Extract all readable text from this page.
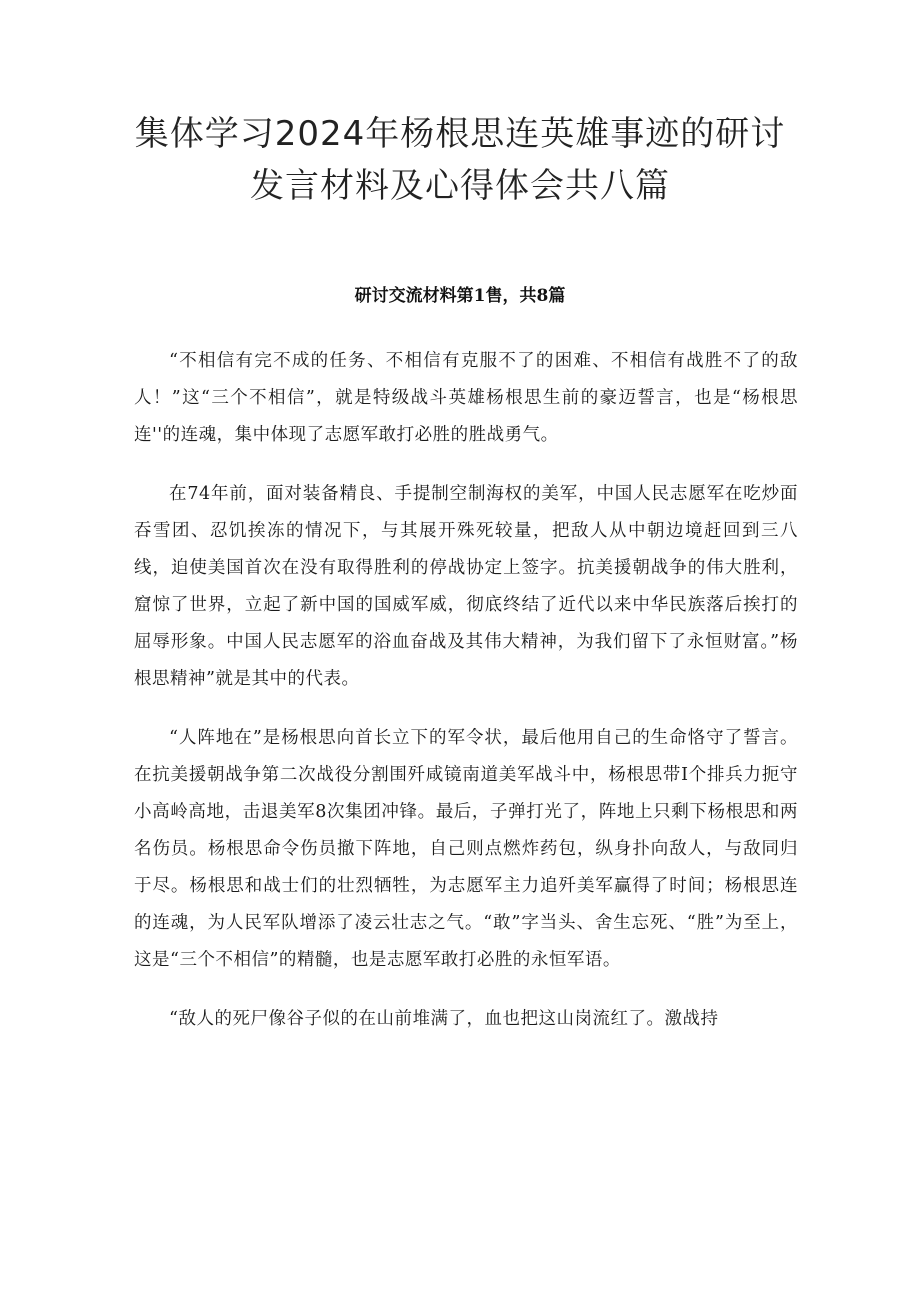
集体学习2024年杨根思连英雄事迹的研讨
发言材料及心得体会共八篇
研讨交流材料第1售，共8篇

“不相信有完不成的任务、不相信有克服不了的困难、不相信有战胜不了的敌人！”这“三个不相信”，就是特级战斗英雄杨根思生前的豪迈誓言，也是“杨根思连''的连魂，集中体现了志愿军敢打必胜的胜战勇气。

在74年前，面对装备精良、手提制空制海权的美军，中国人民志愿军在吃炒面吞雪团、忍饥挨冻的情况下，与其展开殊死较量，把敌人从中朝边境赶回到三八线，迫使美国首次在没有取得胜利的停战协定上签字。抗美援朝战争的伟大胜利，窟惊了世界，立起了新中国的国威军威，彻底终结了近代以来中华民族落后挨打的屈辱形象。中国人民志愿军的浴血奋战及其伟大精神，为我们留下了永恒财富。”杨根思精神”就是其中的代表。

“人阵地在”是杨根思向首长立下的军令状，最后他用自己的生命恪守了誓言。在抗美援朝战争第二次战役分割围歼咸镜南道美军战斗中，杨根思带I个排兵力扼守小高岭高地，击退美军8次集团冲锋。最后，子弹打光了，阵地上只剩下杨根思和两名伤员。杨根思命令伤员撤下阵地，自己则点燃炸药包，纵身扑向敌人，与敌同归于尽。杨根思和战士们的壮烈牺牲，为志愿军主力追歼美军赢得了时间；杨根思连的连魂，为人民军队增添了凌云壮志之气。“敢”字当头、舍生忘死、“胜”为至上，这是“三个不相信”的精髓，也是志愿军敢打必胜的永恒军语。

“敌人的死尸像谷子似的在山前堆满了，血也把这山岗流红了。激战持
